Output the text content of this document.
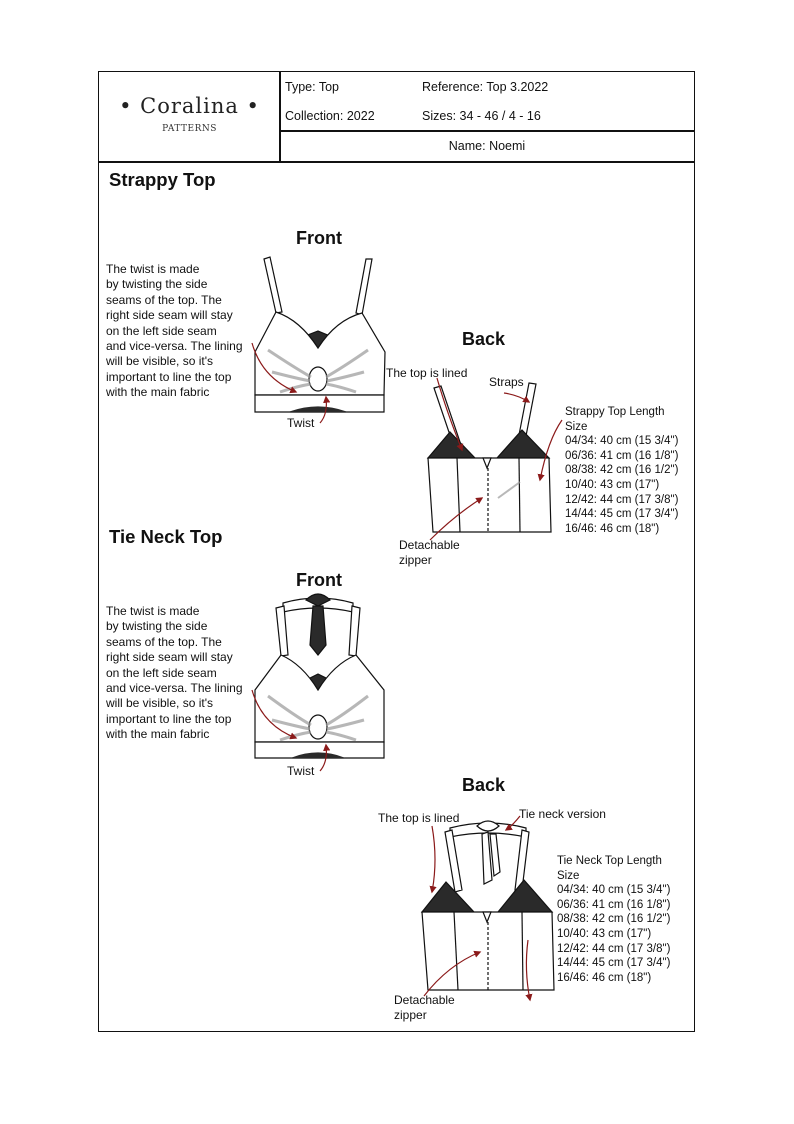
• Coralina •
PATTERNS
Type: Top	Reference: Top 3.2022
Collection: 2022	Sizes: 34 - 46 / 4 - 16
Name: Noemi
Strappy Top
Front
Back
Tie Neck Top
Front
Back
The twist is made
by twisting the side
seams of the top. The
right side seam will stay
on the left side seam
and vice-versa. The lining
will be visible, so it's
important to line the top
with the main fabric
Twist
The top is lined
Straps
Detachable
zipper
Strappy Top Length
Size
04/34: 40 cm (15 3/4")
06/36: 41 cm (16 1/8")
08/38: 42 cm (16 1/2")
10/40: 43 cm (17")
12/42: 44 cm (17 3/8")
14/44: 45 cm (17 3/4")
16/46: 46 cm (18")
The twist is made
by twisting the side
seams of the top. The
right side seam will stay
on the left side seam
and vice-versa. The lining
will be visible, so it's
important to line the top
with the main fabric
Twist
The top is lined	Tie neck version
Detachable
zipper
Tie Neck Top Length
Size
04/34: 40 cm (15 3/4")
06/36: 41 cm (16 1/8")
08/38: 42 cm (16 1/2")
10/40: 43 cm (17")
12/42: 44 cm (17 3/8")
14/44: 45 cm (17 3/4")
16/46: 46 cm (18")
